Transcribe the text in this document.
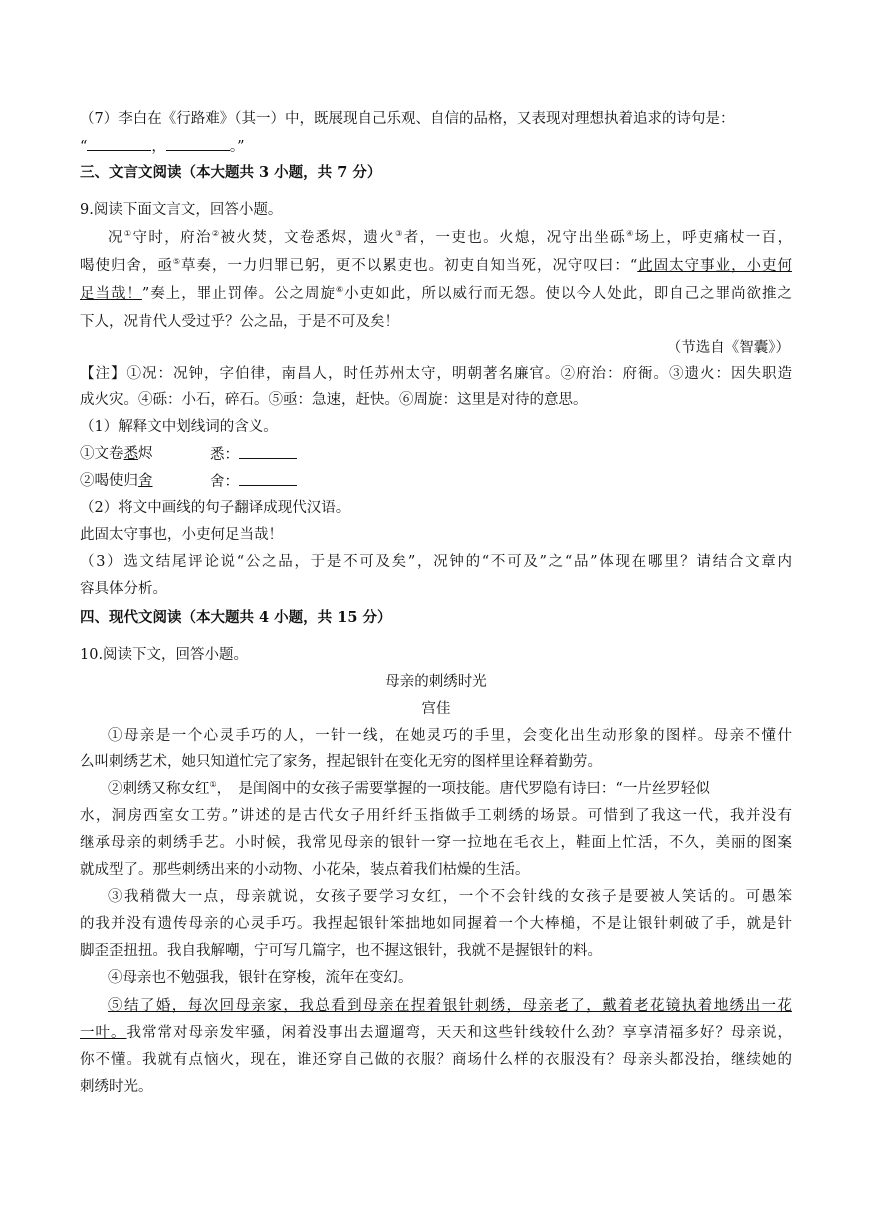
（7）李白在《行路难》（其一）中，既展现自己乐观、自信的品格，又表现对理想执着追求的诗句是：
“	，	。”
三、文言文阅读（本大题共 3 小题，共 7 分）
9.阅读下面文言文，回答小题。
况①守时，府治②被火焚，文卷悉烬，遗火③者，一吏也。火熄，况守出坐砾④场上，呼吏痛杖一百，
喝使归舍，亟⑤草奏，一力归罪已躬，更不以累吏也。初吏自知当死，况守叹曰：“此固太守事业，小吏何
足当哉！”奏上，罪止罚俸。公之周旋⑥小吏如此，所以威行而无怨。使以今人处此，即自己之罪尚欲推之
下人，况肯代人受过乎？公之品，于是不可及矣！
（节选自《智囊》）
【注】①况：况钟，字伯律，南昌人，时任苏州太守，明朝著名廉官。②府治：府衙。③遗火：因失职造
成火灾。④砾：小石，碎石。⑤亟：急速，赶快。⑥周旋：这里是对待的意思。
（1）解释文中划线词的含义。
①文卷悉烬	悉：
②喝使归舍	舍：
（2）将文中画线的句子翻译成现代汉语。
此固太守事也，小吏何足当哉！
（3）选文结尾评论说“公之品，于是不可及矣”，况钟的“不可及”之“品”体现在哪里？请结合文章内
容具体分析。
四、现代文阅读（本大题共 4 小题，共 15 分）
10.阅读下文，回答小题。
母亲的刺绣时光
宫佳
①母亲是一个心灵手巧的人，一针一线，在她灵巧的手里，会变化出生动形象的图样。母亲不懂什
么叫刺绣艺术，她只知道忙完了家务，捏起银针在变化无穷的图样里诠释着勤劳。
②刺绣又称女红①，　是闺阁中的女孩子需要掌握的一项技能。唐代罗隐有诗曰：“一片丝罗轻似
水，洞房西室女工劳。”讲述的是古代女子用纤纤玉指做手工刺绣的场景。可惜到了我这一代，我并没有
继承母亲的刺绣手艺。小时候，我常见母亲的银针一穿一拉地在毛衣上，鞋面上忙活，不久，美丽的图案
就成型了。那些刺绣出来的小动物、小花朵，装点着我们枯燥的生活。
③我稍微大一点，母亲就说，女孩子要学习女红，一个不会针线的女孩子是要被人笑话的。可愚笨
的我并没有遗传母亲的心灵手巧。我捏起银针笨拙地如同握着一个大棒槌，不是让银针刺破了手，就是针
脚歪歪扭扭。我自我解嘲，宁可写几篇字，也不握这银针，我就不是握银针的料。
④母亲也不勉强我，银针在穿梭，流年在变幻。
⑤结了婚，每次回母亲家，我总看到母亲在捏着银针刺绣，母亲老了，戴着老花镜执着地绣出一花
一叶。我常常对母亲发牢骚，闲着没事出去遛遛弯，天天和这些针线较什么劲？享享清福多好？母亲说，
你不懂。我就有点恼火，现在，谁还穿自己做的衣服？商场什么样的衣服没有？母亲头都没抬，继续她的
刺绣时光。
